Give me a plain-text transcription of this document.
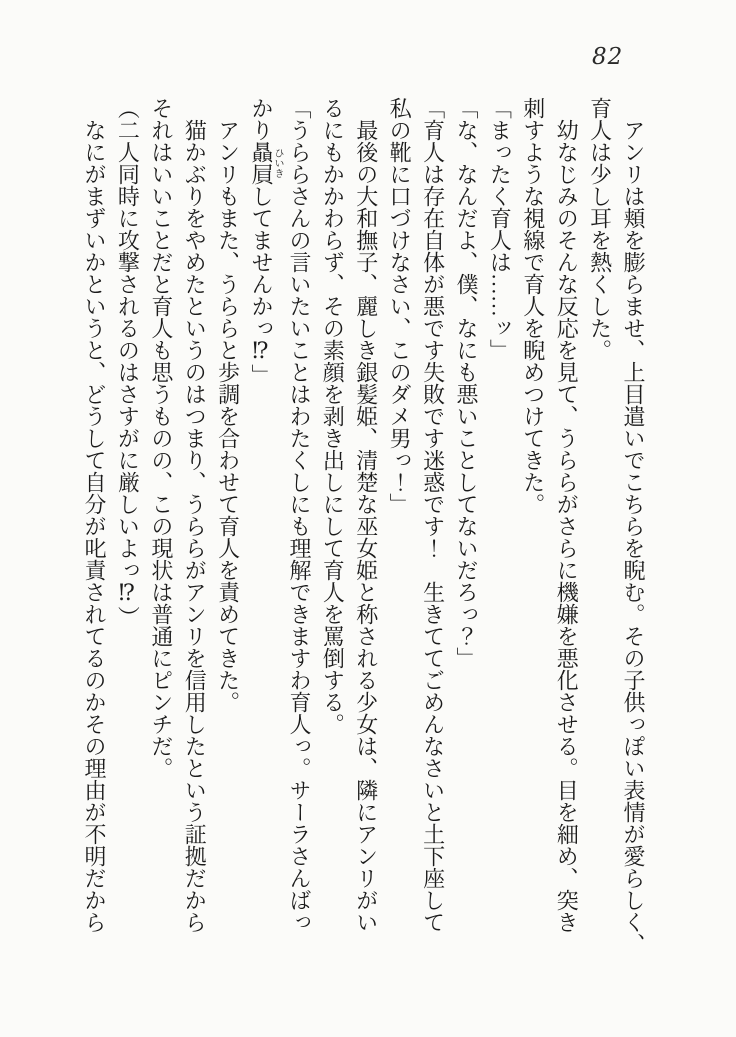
82

アンリは頬を膨らませ、上目遣いでこちらを睨む。その子供っぽい表情が愛らしく、

育人は少し耳を熱くした。

幼なじみのそんな反応を見て、うららがさらに機嫌を悪化させる。目を細め、突き

刺すような視線で育人を睨めつけてきた。

「まったく育人は……ッ」

「な、なんだよ、僕、なにも悪いことしてないだろっ？」

「育人は存在自体が悪です失敗です迷惑です！　生きててごめんなさいと土下座して

私の靴に口づけなさい、このダメ男っ！」

最後の大和撫子、麗しき銀髪姫、清楚な巫女姫と称される少女は、隣にアンリがい

るにもかかわらず、その素顔を剥き出しにして育人を罵倒する。

「うららさんの言いたいことはわたくしにも理解できますわ育人っ。サーラさんばっ

かり贔屓ひいきしてませんかっ⁉」

アンリもまた、うららと歩調を合わせて育人を責めてきた。

猫かぶりをやめたというのはつまり、うららがアンリを信用したという証拠だから

それはいいことだと育人も思うものの、この現状は普通にピンチだ。

（二人同時に攻撃されるのはさすがに厳しいよっ⁉）

なにがまずいかというと、どうして自分が叱責されてるのかその理由が不明だから
